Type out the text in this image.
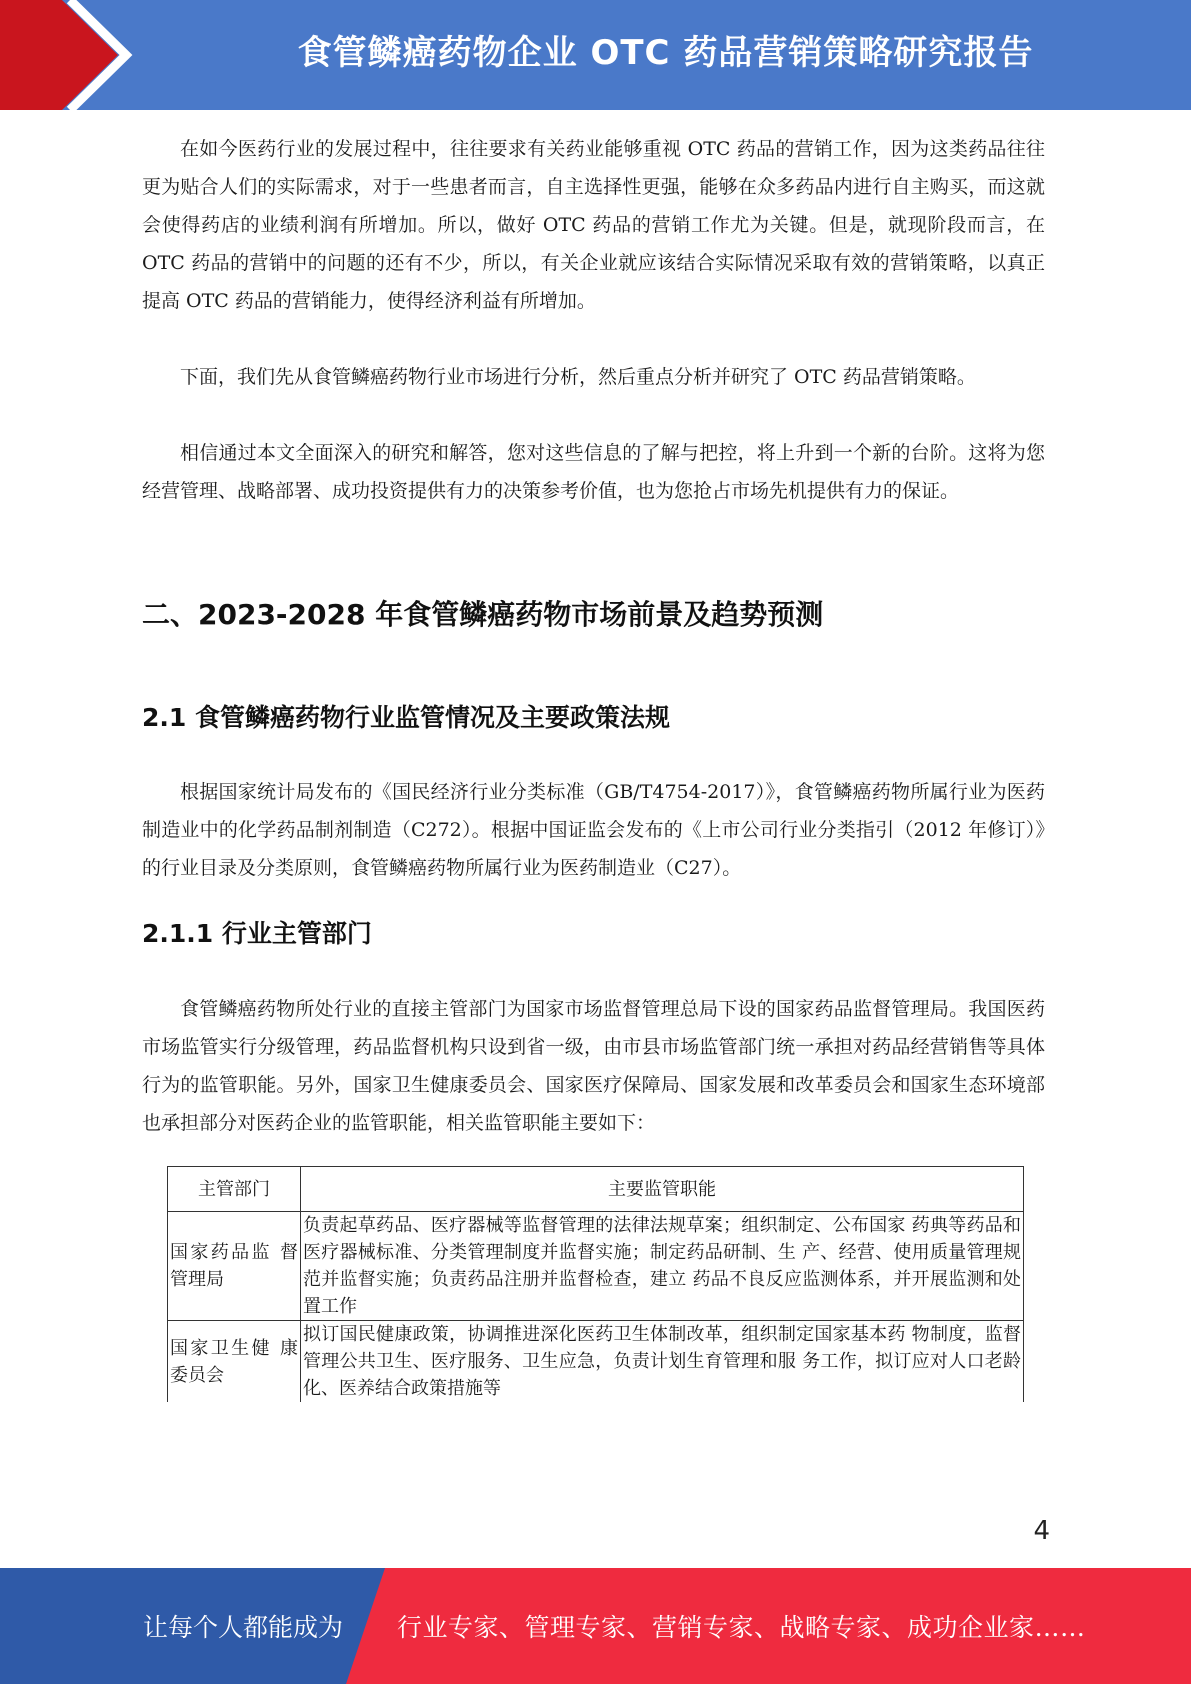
食管鳞癌药物企业 OTC 药品营销策略研究报告

在如今医药行业的发展过程中，往往要求有关药业能够重视 OTC 药品的营销工作，因为这类药品往往更为贴合人们的实际需求，对于一些患者而言，自主选择性更强，能够在众多药品内进行自主购买，而这就会使得药店的业绩利润有所增加。所以，做好 OTC 药品的营销工作尤为关键。但是，就现阶段而言，在 OTC 药品的营销中的问题的还有不少，所以，有关企业就应该结合实际情况采取有效的营销策略，以真正提高 OTC 药品的营销能力，使得经济利益有所增加。

下面，我们先从食管鳞癌药物行业市场进行分析，然后重点分析并研究了 OTC 药品营销策略。

相信通过本文全面深入的研究和解答，您对这些信息的了解与把控，将上升到一个新的台阶。这将为您经营管理、战略部署、成功投资提供有力的决策参考价值，也为您抢占市场先机提供有力的保证。

二、2023-2028 年食管鳞癌药物市场前景及趋势预测
2.1 食管鳞癌药物行业监管情况及主要政策法规

根据国家统计局发布的《国民经济行业分类标准（GB/T4754-2017）》，食管鳞癌药物所属行业为医药制造业中的化学药品制剂制造（C272）。根据中国证监会发布的《上市公司行业分类指引（2012 年修订）》的行业目录及分类原则，食管鳞癌药物所属行业为医药制造业（C27）。

2.1.1 行业主管部门

食管鳞癌药物所处行业的直接主管部门为国家市场监督管理总局下设的国家药品监督管理局。我国医药市场监管实行分级管理，药品监督机构只设到省一级，由市县市场监管部门统一承担对药品经营销售等具体行为的监管职能。另外，国家卫生健康委员会、国家医疗保障局、国家发展和改革委员会和国家生态环境部也承担部分对医药企业的监管职能，相关监管职能主要如下：

主管部门	主要监管职能
国家药品监 督管理局	负责起草药品、医疗器械等监督管理的法律法规草案；组织制定、公布国家 药典等药品和医疗器械标准、分类管理制度并监督实施；制定药品研制、生 产、经营、使用质量管理规范并监督实施；负责药品注册并监督检查，建立 药品不良反应监测体系，并开展监测和处置工作
国家卫生健 康委员会	拟订国民健康政策，协调推进深化医药卫生体制改革，组织制定国家基本药 物制度，监督管理公共卫生、医疗服务、卫生应急，负责计划生育管理和服 务工作，拟订应对人口老龄化、医养结合政策措施等
4
让每个人都能成为 行业专家、管理专家、营销专家、战略专家、成功企业家……
